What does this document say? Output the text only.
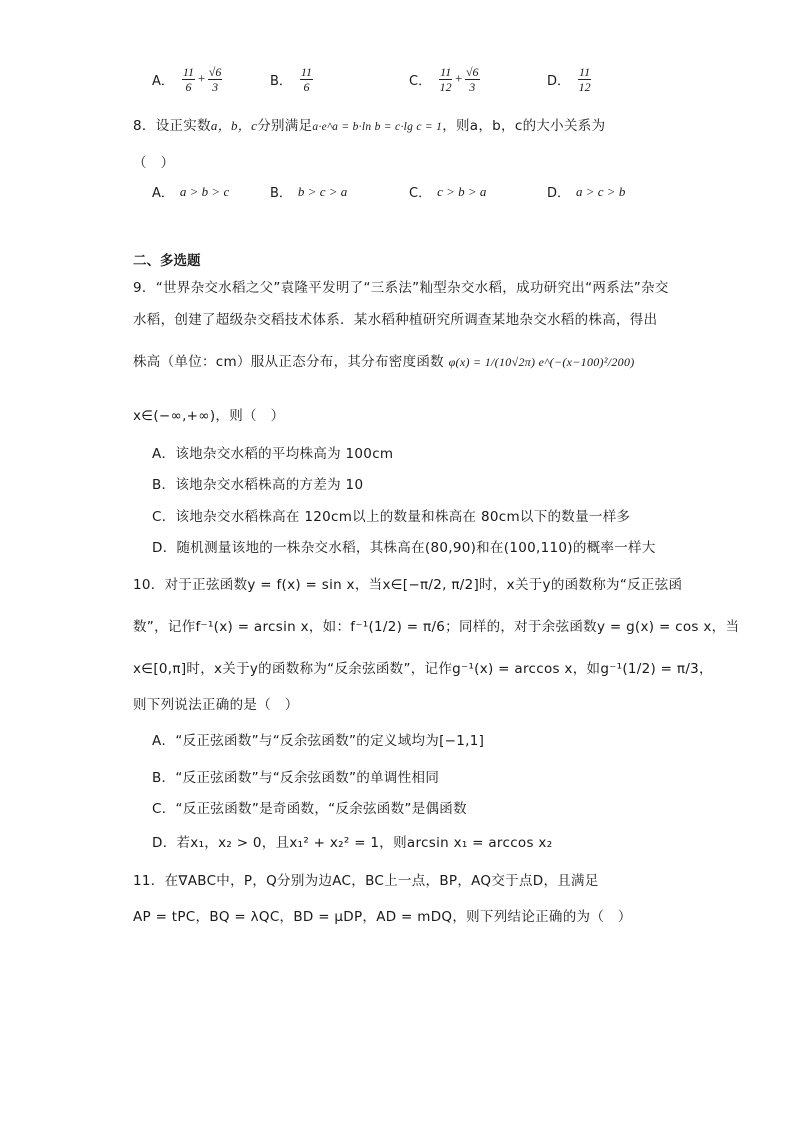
A． $\frac{11}{6} + \frac{√6}{3}$	B． $\frac{11}{6}$	C． $\frac{11}{12} + \frac{√6}{3}$	D． $\frac{11}{12}$
8．设正实数a，b，c分别满足a·e^a = b·ln b = c·lg c = 1，则a，b，c的大小关系为
（　）
A． a > b > c	B． b > c > a	C． c > b > a	D． a > c > b
二、多选题
9．“世界杂交水稻之父”袁隆平发明了“三系法”籼型杂交水稻，成功研究出“两系法”杂交
水稻，创建了超级杂交稻技术体系．某水稻种植研究所调查某地杂交水稻的株高，得出
株高（单位：cm）服从正态分布，其分布密度函数 φ(x) = 1/(10√2π) e^(−(x−100)²/200)
x∈(−∞,+∞)，则（　）
A．该地杂交水稻的平均株高为 100cm
B．该地杂交水稻株高的方差为 10
C．该地杂交水稻株高在 120cm以上的数量和株高在 80cm以下的数量一样多
D．随机测量该地的一株杂交水稻，其株高在(80,90)和在(100,110)的概率一样大
10．对于正弦函数y = f(x) = sin x，当x∈[−π/2, π/2]时，x关于y的函数称为“反正弦函
数”，记作f⁻¹(x) = arcsin x，如：f⁻¹(1/2) = π/6；同样的，对于余弦函数y = g(x) = cos x，当
x∈[0,π]时，x关于y的函数称为“反余弦函数”，记作g⁻¹(x) = arccos x，如g⁻¹(1/2) = π/3，
则下列说法正确的是（　）
A．“反正弦函数”与“反余弦函数”的定义域均为[−1,1]
B．“反正弦函数”与“反余弦函数”的单调性相同
C．“反正弦函数”是奇函数，“反余弦函数”是偶函数
D．若x₁，x₂ > 0，且x₁² + x₂² = 1，则arcsin x₁ = arccos x₂
11．在∇ABC中，P，Q分别为边AC，BC上一点，BP，AQ交于点D，且满足
AP = tPC，BQ = λQC，BD = μDP，AD = mDQ，则下列结论正确的为（　）
